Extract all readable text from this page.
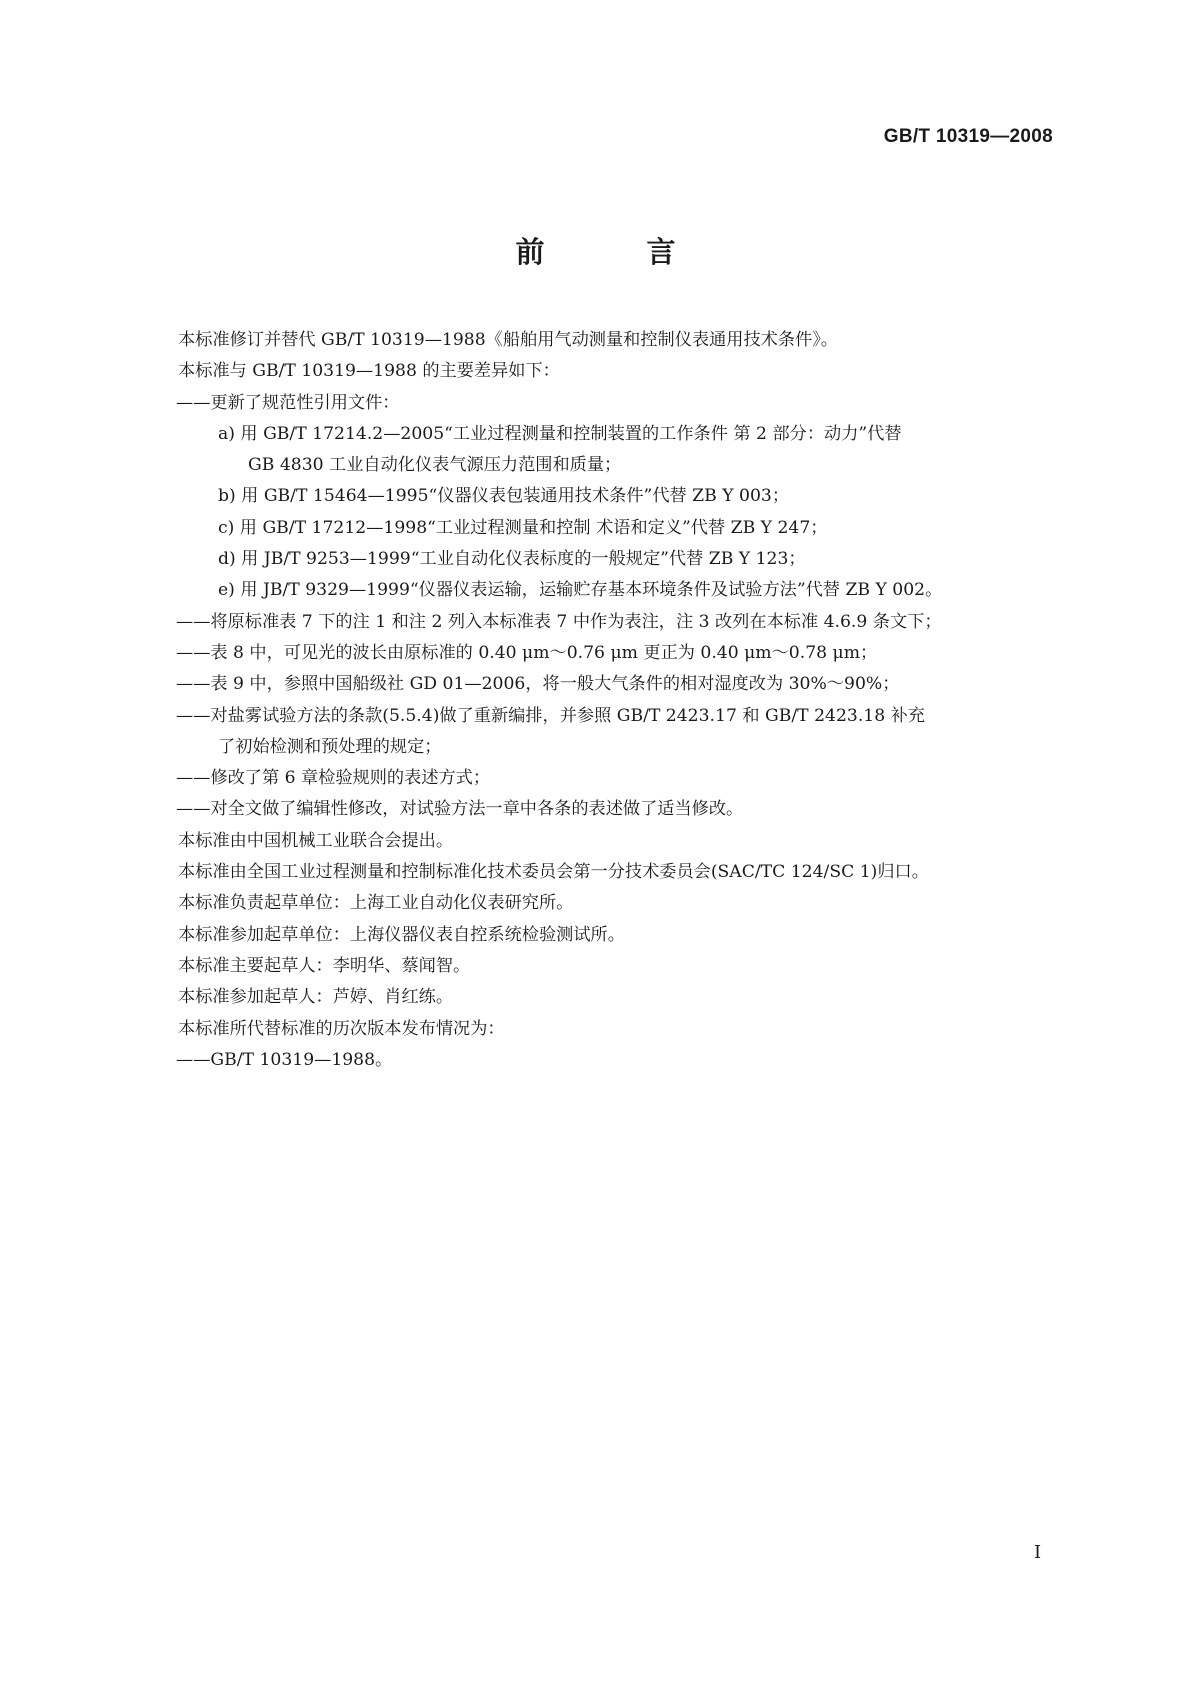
GB/T 10319—2008
前 言
本标准修订并替代 GB/T 10319—1988《船舶用气动测量和控制仪表通用技术条件》。
本标准与 GB/T 10319—1988 的主要差异如下：
——更新了规范性引用文件：
a) 用 GB/T 17214.2—2005“工业过程测量和控制装置的工作条件 第 2 部分：动力”代替
GB 4830 工业自动化仪表气源压力范围和质量；
b) 用 GB/T 15464—1995“仪器仪表包装通用技术条件”代替 ZB Y 003；
c) 用 GB/T 17212—1998“工业过程测量和控制 术语和定义”代替 ZB Y 247；
d) 用 JB/T 9253—1999“工业自动化仪表标度的一般规定”代替 ZB Y 123；
e) 用 JB/T 9329—1999“仪器仪表运输，运输贮存基本环境条件及试验方法”代替 ZB Y 002。
——将原标准表 7 下的注 1 和注 2 列入本标准表 7 中作为表注，注 3 改列在本标准 4.6.9 条文下；
——表 8 中，可见光的波长由原标准的 0.40 μm～0.76 μm 更正为 0.40 μm～0.78 μm；
——表 9 中，参照中国船级社 GD 01—2006，将一般大气条件的相对湿度改为 30%～90%；
——对盐雾试验方法的条款(5.5.4)做了重新编排，并参照 GB/T 2423.17 和 GB/T 2423.18 补充
了初始检测和预处理的规定；
——修改了第 6 章检验规则的表述方式；
——对全文做了编辑性修改，对试验方法一章中各条的表述做了适当修改。
本标准由中国机械工业联合会提出。
本标准由全国工业过程测量和控制标准化技术委员会第一分技术委员会(SAC/TC 124/SC 1)归口。
本标准负责起草单位：上海工业自动化仪表研究所。
本标准参加起草单位：上海仪器仪表自控系统检验测试所。
本标准主要起草人：李明华、蔡闻智。
本标准参加起草人：芦婷、肖红练。
本标准所代替标准的历次版本发布情况为：
——GB/T 10319—1988。
I
